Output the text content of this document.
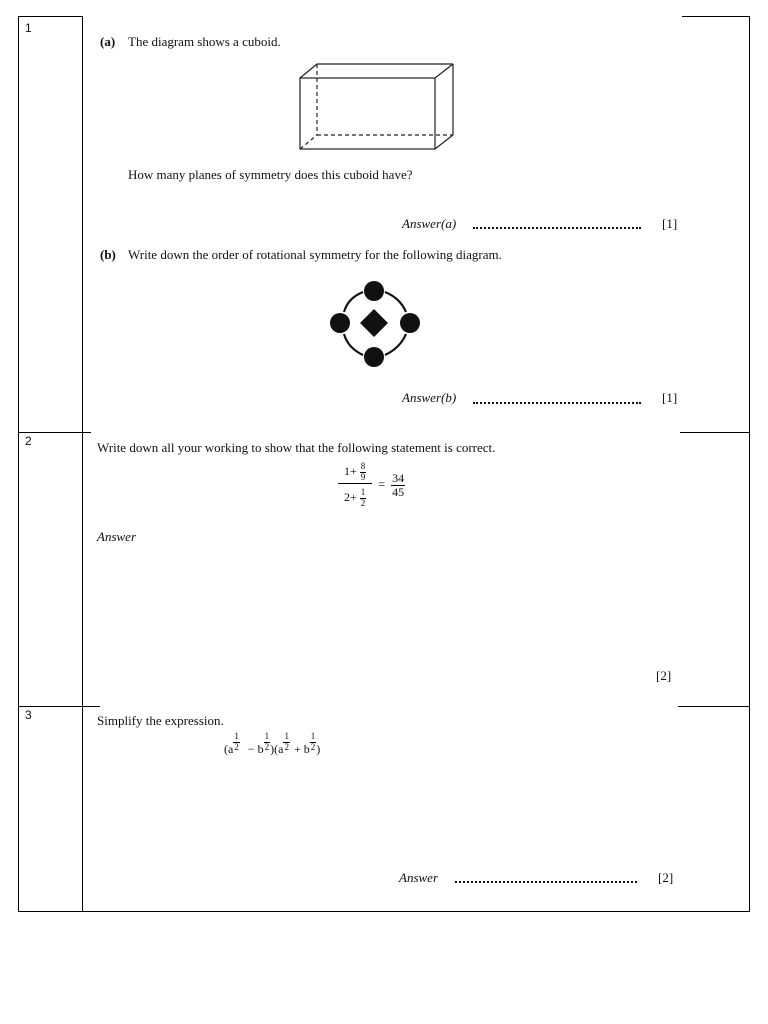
1
(a) The diagram shows a cuboid.
How many planes of symmetry does this cuboid have?
Answer(a)	[1]
(b) Write down the order of rotational symmetry for the following diagram.
Answer(b)	[1]
2	Write down all your working to show that the following statement is correct.
$\frac{1+ \frac{8}{9}}{2+ \frac{1}{2}} = \frac{34}{45}$
Answer
[2]
3	Simplify the expression.
$(a \frac{1}{2} - b \frac{1}{2} )(a \frac{1}{2} + b \frac{1}{2}$ )
Answer	[2]
